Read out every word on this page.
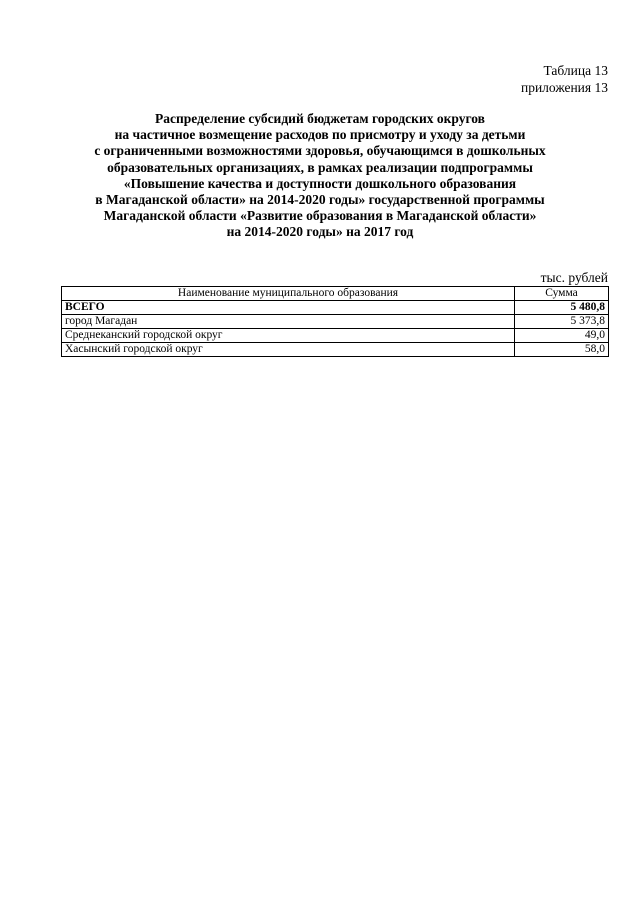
Таблица 13
приложения 13
Распределение субсидий бюджетам городских округов
на частичное возмещение расходов по присмотру и уходу за детьми
с ограниченными возможностями здоровья, обучающимся в дошкольных
образовательных организациях, в рамках реализации подпрограммы
«Повышение качества и доступности дошкольного образования
в Магаданской области» на 2014-2020 годы» государственной программы
Магаданской области «Развитие образования в Магаданской области»
на 2014-2020 годы» на 2017 год
тыс. рублей
Наименование муниципального образования	Сумма
ВСЕГО	5 480,8
город Магадан	5 373,8
Среднеканский городской округ	49,0
Хасынский городской округ	58,0
